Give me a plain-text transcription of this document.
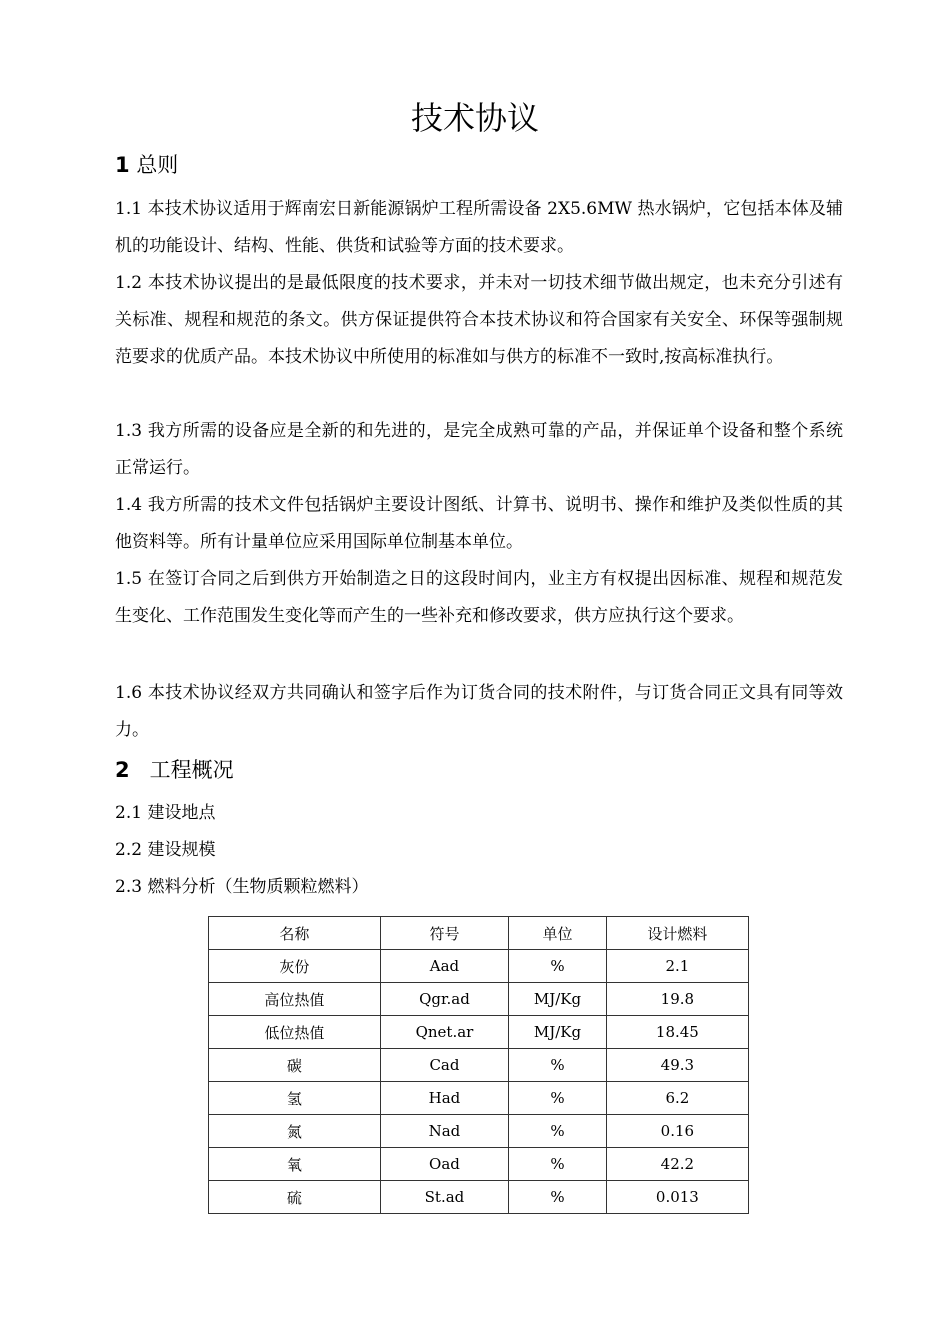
技术协议
1 总则
1.1 本技术协议适用于辉南宏日新能源锅炉工程所需设备 2X5.6MW 热水锅炉，它包括本体及辅机的功能设计、结构、性能、供货和试验等方面的技术要求。
1.2 本技术协议提出的是最低限度的技术要求，并未对一切技术细节做出规定，也未充分引述有关标准、规程和规范的条文。供方保证提供符合本技术协议和符合国家有关安全、环保等强制规范要求的优质产品。本技术协议中所使用的标准如与供方的标准不一致时,按高标准执行。
1.3 我方所需的设备应是全新的和先进的，是完全成熟可靠的产品，并保证单个设备和整个系统正常运行。
1.4 我方所需的技术文件包括锅炉主要设计图纸、计算书、说明书、操作和维护及类似性质的其他资料等。所有计量单位应采用国际单位制基本单位。
1.5 在签订合同之后到供方开始制造之日的这段时间内，业主方有权提出因标准、规程和规范发生变化、工作范围发生变化等而产生的一些补充和修改要求，供方应执行这个要求。
1.6 本技术协议经双方共同确认和签字后作为订货合同的技术附件，与订货合同正文具有同等效力。
2 工程概况
2.1 建设地点
2.2 建设规模
2.3 燃料分析（生物质颗粒燃料）
名称	符号	单位	设计燃料
灰份	Aad	%	2.1
高位热值	Qgr.ad	MJ/Kg	19.8
低位热值	Qnet.ar	MJ/Kg	18.45
碳	Cad	%	49.3
氢	Had	%	6.2
氮	Nad	%	0.16
氧	Oad	%	42.2
硫	St.ad	%	0.013
